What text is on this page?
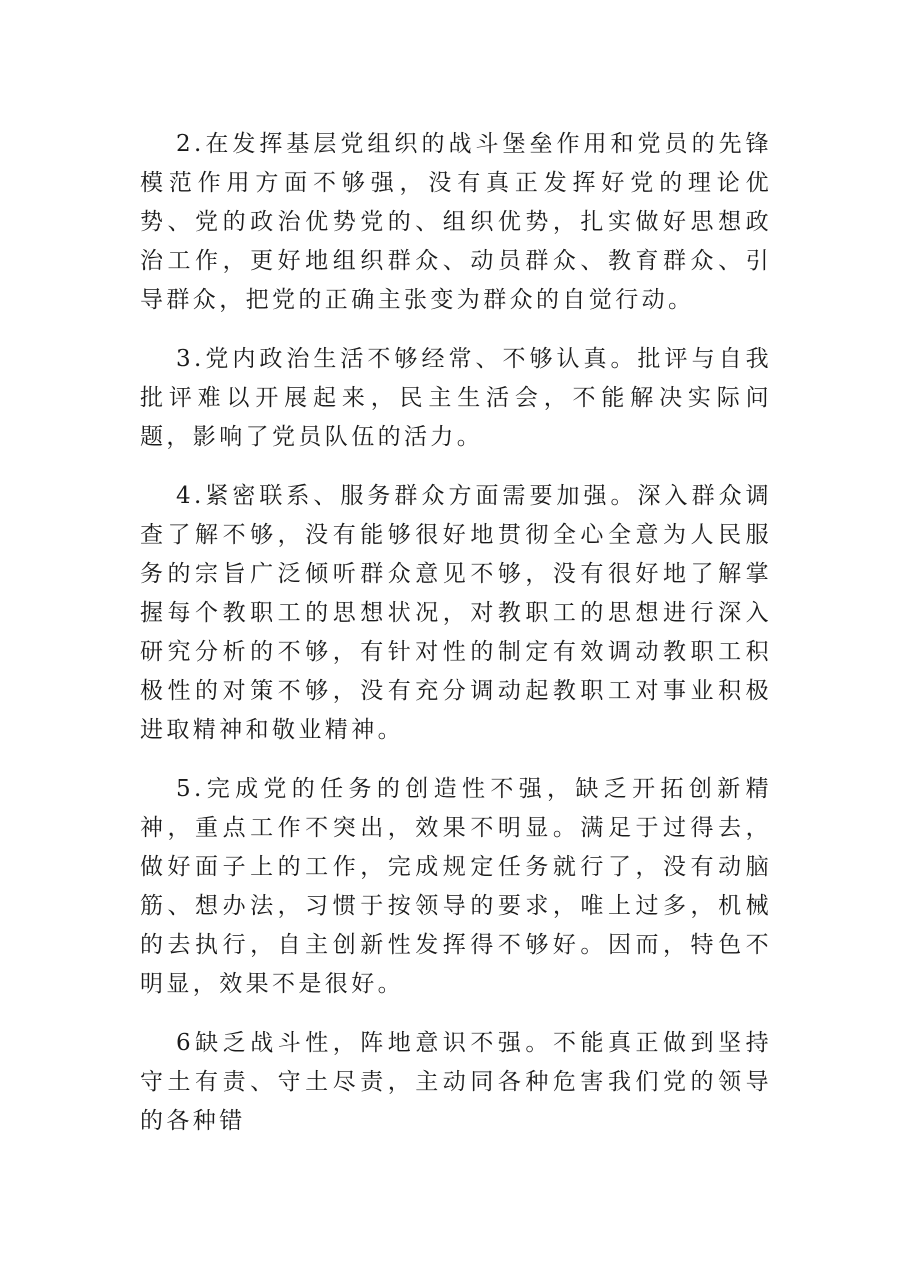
2.在发挥基层党组织的战斗堡垒作用和党员的先锋模范作用方面不够强，没有真正发挥好党的理论优势、党的政治优势党的、组织优势，扎实做好思想政治工作，更好地组织群众、动员群众、教育群众、引导群众，把党的正确主张变为群众的自觉行动。

3.党内政治生活不够经常、不够认真。批评与自我批评难以开展起来，民主生活会，不能解决实际问题，影响了党员队伍的活力。

4.紧密联系、服务群众方面需要加强。深入群众调查了解不够，没有能够很好地贯彻全心全意为人民服务的宗旨广泛倾听群众意见不够，没有很好地了解掌握每个教职工的思想状况，对教职工的思想进行深入研究分析的不够，有针对性的制定有效调动教职工积极性的对策不够，没有充分调动起教职工对事业积极进取精神和敬业精神。

5.完成党的任务的创造性不强，缺乏开拓创新精神，重点工作不突出，效果不明显。满足于过得去，做好面子上的工作，完成规定任务就行了，没有动脑筋、想办法，习惯于按领导的要求，唯上过多，机械的去执行，自主创新性发挥得不够好。因而，特色不明显，效果不是很好。

6缺乏战斗性，阵地意识不强。不能真正做到坚持守土有责、守土尽责，主动同各种危害我们党的领导的各种错
